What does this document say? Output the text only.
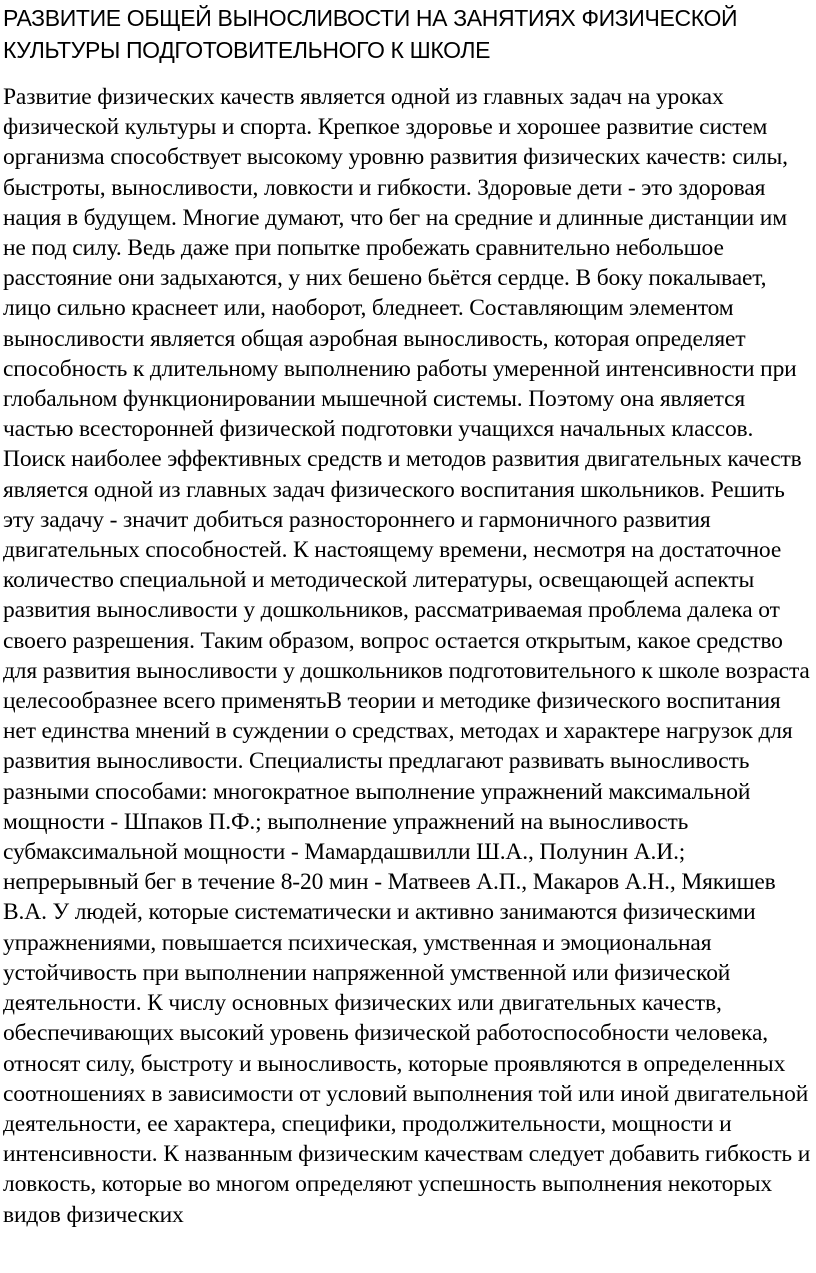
РАЗВИТИЕ ОБЩЕЙ ВЫНОСЛИВОСТИ НА ЗАНЯТИЯХ ФИЗИЧЕСКОЙ КУЛЬТУРЫ ПОДГОТОВИТЕЛЬНОГО К ШКОЛЕ

Развитие физических качеств является одной из главных задач на уроках физической культуры и спорта. Крепкое здоровье и хорошее развитие систем организма способствует высокому уровню развития физических качеств: силы, быстроты, выносливости, ловкости и гибкости. Здоровые дети - это здоровая нация в будущем. Многие думают, что бег на средние и длинные дистанции им не под силу. Ведь даже при попытке пробежать сравнительно небольшое расстояние они задыхаются, у них бешено бьётся сердце. В боку покалывает, лицо сильно краснеет или, наоборот, бледнеет. Составляющим элементом выносливости является общая аэробная выносливость, которая определяет способность к длительному выполнению работы умеренной интенсивности при глобальном функционировании мышечной системы. Поэтому она является частью всесторонней физической подготовки учащихся начальных классов. Поиск наиболее эффективных средств и методов развития двигательных качеств является одной из главных задач физического воспитания школьников. Решить эту задачу - значит добиться разностороннего и гармоничного развития двигательных способностей. К настоящему времени, несмотря на достаточное количество специальной и методической литературы, освещающей аспекты развития выносливости у дошкольников, рассматриваемая проблема далека от своего разрешения. Таким образом, вопрос остается открытым, какое средство для развития выносливости у дошкольников подготовительного к школе возраста целесообразнее всего применятьВ теории и методике физического воспитания нет единства мнений в суждении о средствах, методах и характере нагрузок для развития выносливости. Специалисты предлагают развивать выносливость разными способами: многократное выполнение упражнений максимальной мощности - Шпаков П.Ф.; выполнение упражнений на выносливость субмаксимальной мощности - Мамардашвилли Ш.А., Полунин А.И.; непрерывный бег в течение 8-20 мин - Матвеев А.П., Макаров А.Н., Мякишев В.А. У людей, которые систематически и активно занимаются физическими упражнениями, повышается психическая, умственная и эмоциональная устойчивость при выполнении напряженной умственной или физической деятельности. К числу основных физических или двигательных качеств, обеспечивающих высокий уровень физической работоспособности человека, относят силу, быстроту и выносливость, которые проявляются в определенных соотношениях в зависимости от условий выполнения той или иной двигательной деятельности, ее характера, специфики, продолжительности, мощности и интенсивности. К названным физическим качествам следует добавить гибкость и ловкость, которые во многом определяют успешность выполнения некоторых видов физических
